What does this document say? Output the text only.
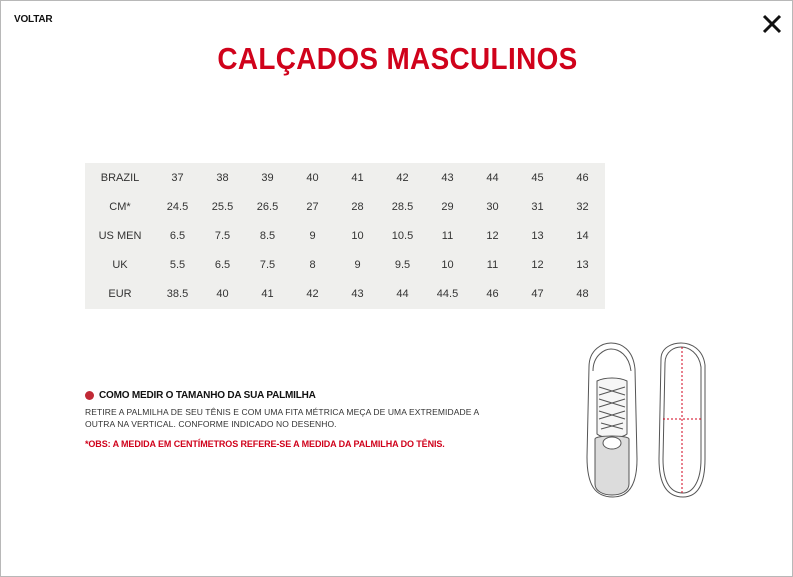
VOLTAR
CALÇADOS MASCULINOS
BRAZIL	37	38	39	40	41	42	43	44	45	46
CM*	24.5	25.5	26.5	27	28	28.5	29	30	31	32
US MEN	6.5	7.5	8.5	9	10	10.5	11	12	13	14
UK	5.5	6.5	7.5	8	9	9.5	10	11	12	13
EUR	38.5	40	41	42	43	44	44.5	46	47	48
COMO MEDIR O TAMANHO DA SUA PALMILHA
RETIRE A PALMILHA DE SEU TÊNIS E COM UMA FITA MÉTRICA MEÇA DE UMA EXTREMIDADE A OUTRA NA VERTICAL. CONFORME INDICADO NO DESENHO.
*OBS: A MEDIDA EM CENTÍMETROS REFERE-SE A MEDIDA DA PALMILHA DO TÊNIS.
